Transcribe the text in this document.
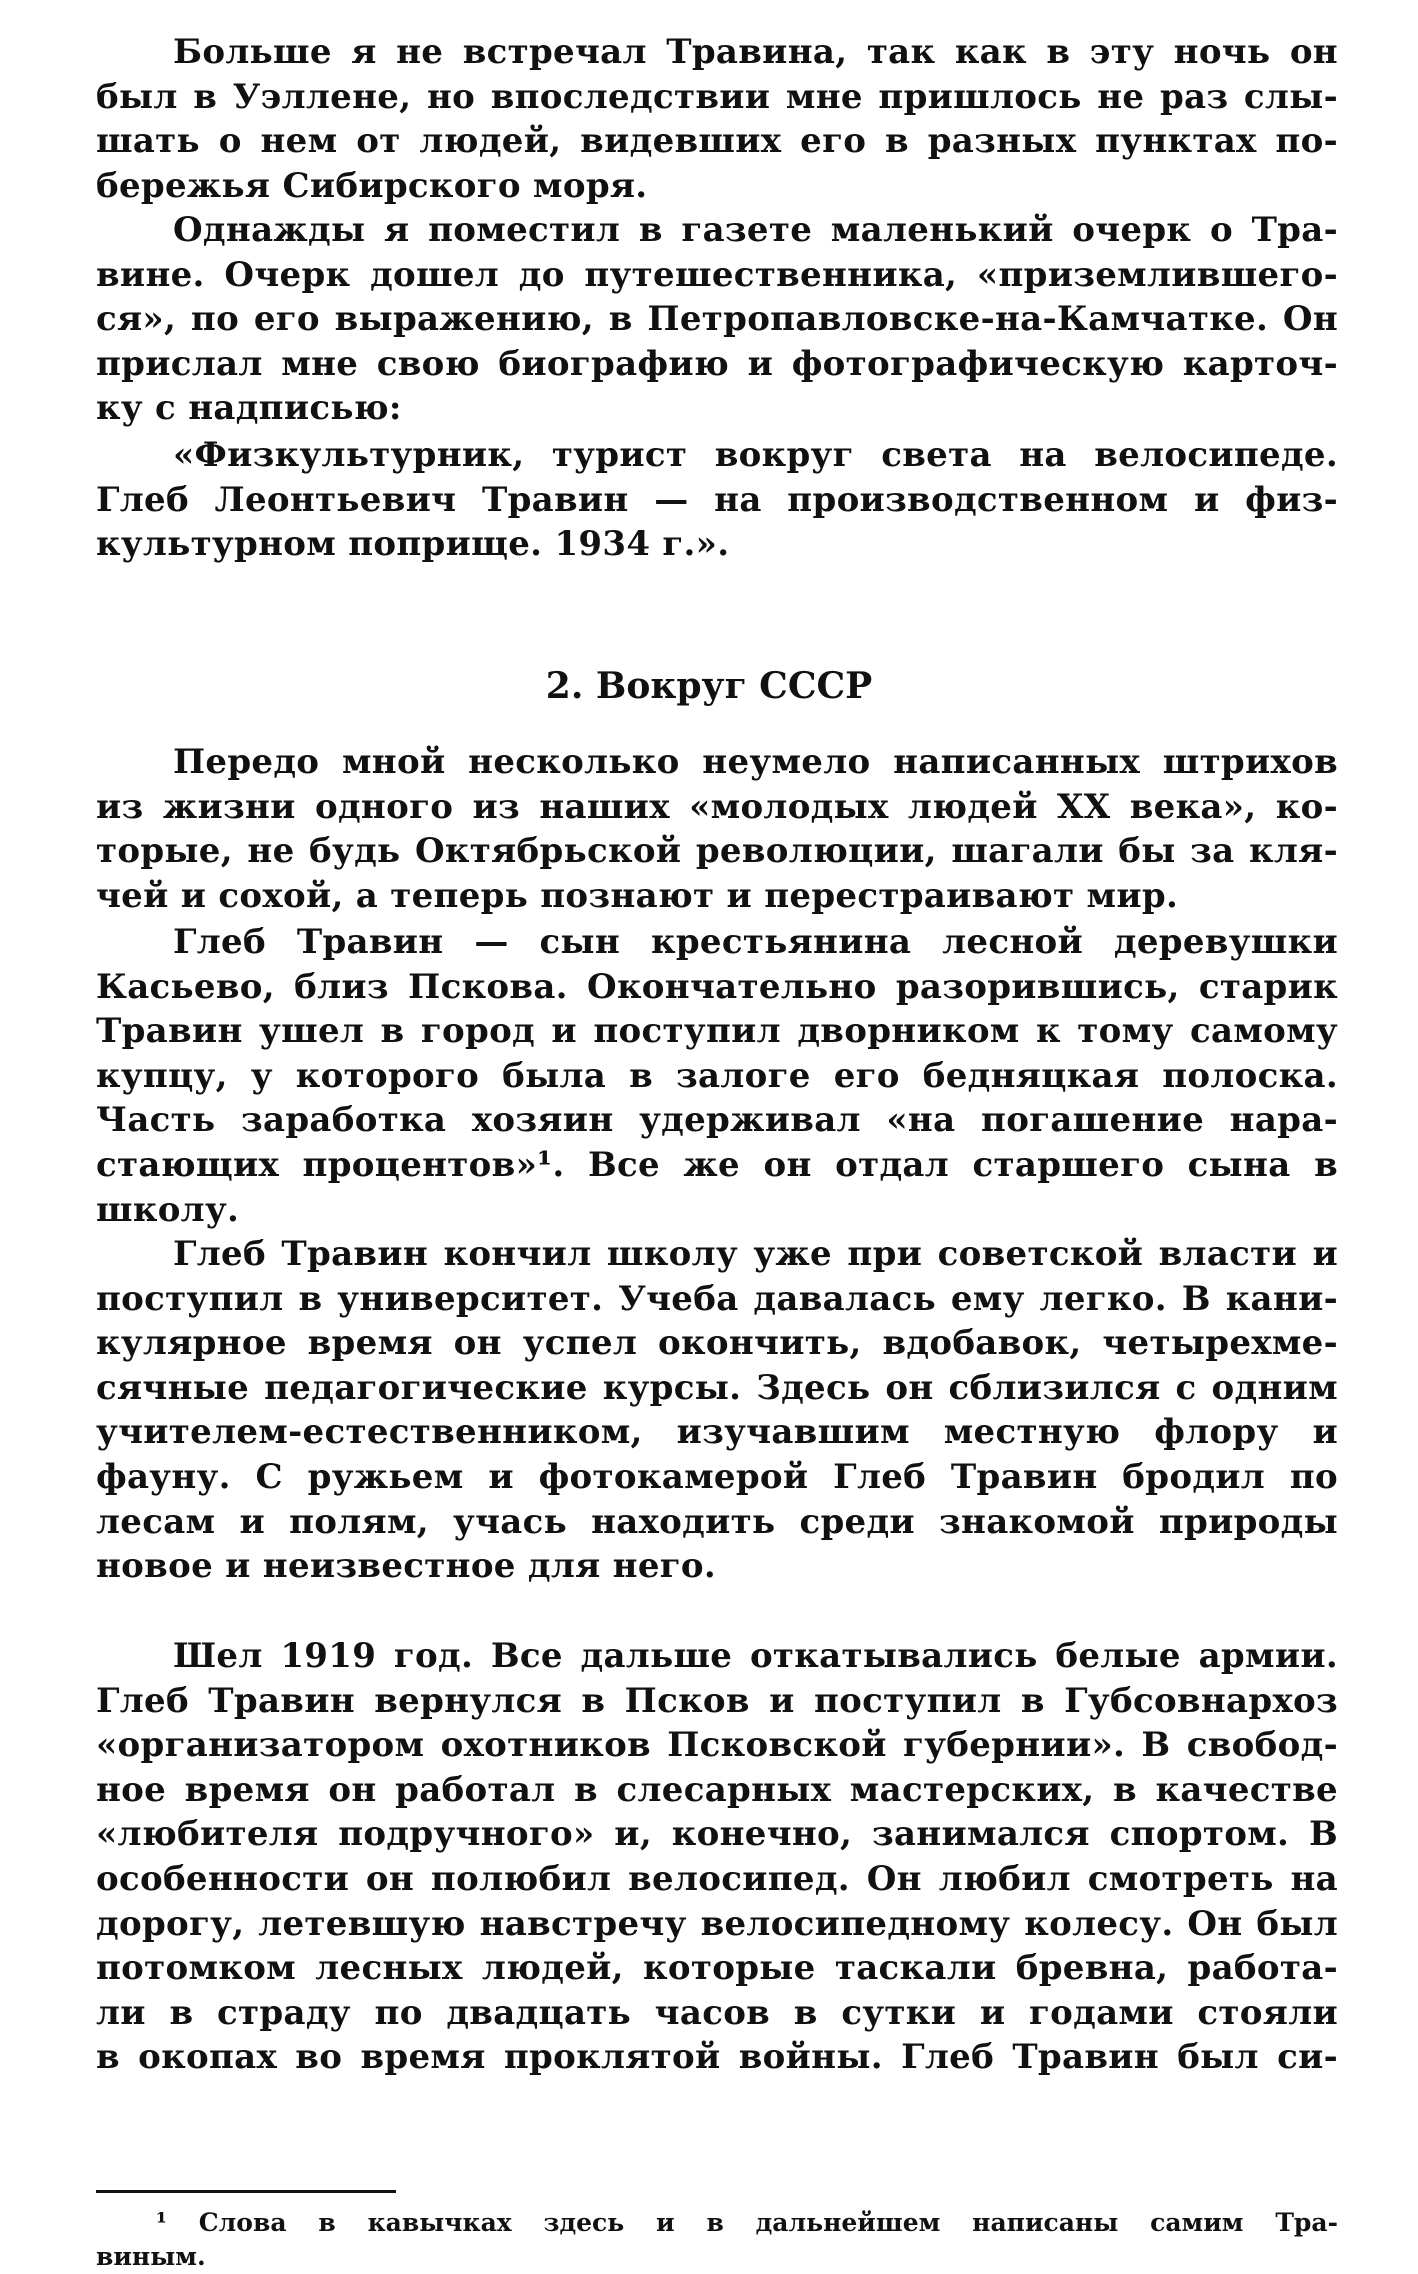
Больше я не встречал Травина, так как в эту ночь он
был в Уэллене, но впоследствии мне пришлось не раз слы-
шать о нем от людей, видевших его в разных пунктах по-
бережья Сибирского моря.
Однажды я поместил в газете маленький очерк о Тра-
вине. Очерк дошел до путешественника, «приземлившего-
ся», по его выражению, в Петропавловске-на-Камчатке. Он
прислал мне свою биографию и фотографическую карточ-
ку с надписью:
«Физкультурник, турист вокруг света на велосипеде.
Глеб Леонтьевич Травин — на производственном и физ-
культурном поприще. 1934 г.».
2. Вокруг СССР
Передо мной несколько неумело написанных штрихов
из жизни одного из наших «молодых людей XX века», ко-
торые, не будь Октябрьской революции, шагали бы за кля-
чей и сохой, а теперь познают и перестраивают мир.
Глеб Травин — сын крестьянина лесной деревушки
Касьево, близ Пскова. Окончательно разорившись, старик
Травин ушел в город и поступил дворником к тому самому
купцу, у которого была в залоге его бедняцкая полоска.
Часть заработка хозяин удерживал «на погашение нара-
стающих процентов»¹. Все же он отдал старшего сына в
школу.
Глеб Травин кончил школу уже при советской власти и
поступил в университет. Учеба давалась ему легко. В кани-
кулярное время он успел окончить, вдобавок, четырехме-
сячные педагогические курсы. Здесь он сблизился с одним
учителем-естественником, изучавшим местную флору и
фауну. С ружьем и фотокамерой Глеб Травин бродил по
лесам и полям, учась находить среди знакомой природы
новое и неизвестное для него.
Шел 1919 год. Все дальше откатывались белые армии.
Глеб Травин вернулся в Псков и поступил в Губсовнархоз
«организатором охотников Псковской губернии». В свобод-
ное время он работал в слесарных мастерских, в качестве
«любителя подручного» и, конечно, занимался спортом. В
особенности он полюбил велосипед. Он любил смотреть на
дорогу, летевшую навстречу велосипедному колесу. Он был
потомком лесных людей, которые таскали бревна, работа-
ли в страду по двадцать часов в сутки и годами стояли
в окопах во время проклятой войны. Глеб Травин был си-
¹ Слова в кавычках здесь и в дальнейшем написаны самим Тра-
виным.
